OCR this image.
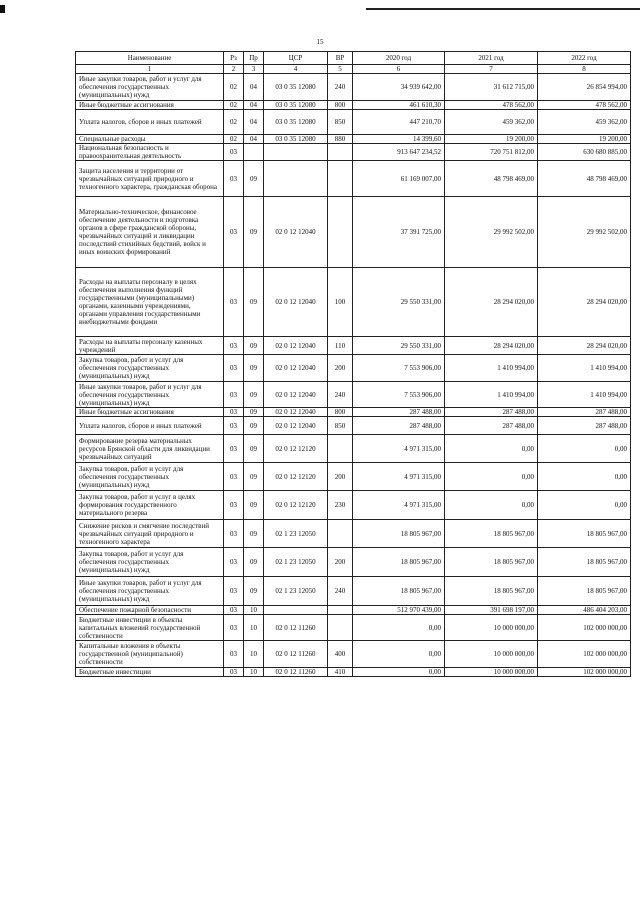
15
Наименование	Рз	Пр	ЦСР	ВР	2020 год	2021 год	2022 год
1	2	3	4	5	6	7	8
Иные закупки товаров, работ и услуг для обеспечения государственных (муниципальных) нужд	02	04	03 0 35 12080	240	34 939 642,00	31 612 715,00	26 854 994,00
Иные бюджетные ассигнования	02	04	03 0 35 12080	800	461 610,30	478 562,00	478 562,00
Уплата налогов, сборов и иных платежей	02	04	03 0 35 12080	850	447 210,70	459 362,00	459 362,00
Специальные расходы	02	04	03 0 35 12080	880	14 399,60	19 200,00	19 200,00
Национальная безопасность и правоохранительная деятельность	03				913 647 234,52	720 751 812,00	630 680 885,00
Защита населения и территории от чрезвычайных ситуаций природного и техногенного характера, гражданская оборона	03	09			61 169 007,00	48 798 469,00	48 798 469,00
Материально-техническое, финансовое обеспечение деятельности и подготовка органов в сфере гражданской обороны, чрезвычайных ситуаций и ликвидации последствий стихийных бедствий, войск и иных воинских формирований	03	09	02 0 12 12040		37 391 725,00	29 992 502,00	29 992 502,00
Расходы на выплаты персоналу в целях обеспечения выполнения функций государственными (муниципальными) органами, казенными учреждениями, органами управления государственными внебюджетными фондами	03	09	02 0 12 12040	100	29 550 331,00	28 294 020,00	28 294 020,00
Расходы на выплаты персоналу казенных учреждений	03	09	02 0 12 12040	110	29 550 331,00	28 294 020,00	28 294 020,00
Закупка товаров, работ и услуг для обеспечения государственных (муниципальных) нужд	03	09	02 0 12 12040	200	7 553 906,00	1 410 994,00	1 410 994,00
Иные закупки товаров, работ и услуг для обеспечения государственных (муниципальных) нужд	03	09	02 0 12 12040	240	7 553 906,00	1 410 994,00	1 410 994,00
Иные бюджетные ассигнования	03	09	02 0 12 12040	800	287 488,00	287 488,00	287 488,00
Уплата налогов, сборов и иных платежей	03	09	02 0 12 12040	850	287 488,00	287 488,00	287 488,00
Формирование резерва материальных ресурсов Брянской области для ликвидации чрезвычайных ситуаций	03	09	02 0 12 12120		4 971 315,00	0,00	0,00
Закупка товаров, работ и услуг для обеспечения государственных (муниципальных) нужд	03	09	02 0 12 12120	200	4 971 315,00	0,00	0,00
Закупка товаров, работ и услуг в целях формирования государственного материального резерва	03	09	02 0 12 12120	230	4 971 315,00	0,00	0,00
Снижение рисков и смягчение последствий чрезвычайных ситуаций природного и техногенного характера	03	09	02 1 23 12050		18 805 967,00	18 805 967,00	18 805 967,00
Закупка товаров, работ и услуг для обеспечения государственных (муниципальных) нужд	03	09	02 1 23 12050	200	18 805 967,00	18 805 967,00	18 805 967,00
Иные закупки товаров, работ и услуг для обеспечения государственных (муниципальных) нужд	03	09	02 1 23 12050	240	18 805 967,00	18 805 967,00	18 805 967,00
Обеспечение пожарной безопасности	03	10			512 970 439,00	391 698 197,00	486 404 203,00
Бюджетные инвестиции в объекты капитальных вложений государственной собственности	03	10	02 0 12 11260		0,00	10 000 000,00	102 000 000,00
Капитальные вложения в объекты государственной (муниципальной) собственности	03	10	02 0 12 11260	400	0,00	10 000 000,00	102 000 000,00
Бюджетные инвестиции	03	10	02 0 12 11260	410	0,00	10 000 000,00	102 000 000,00
